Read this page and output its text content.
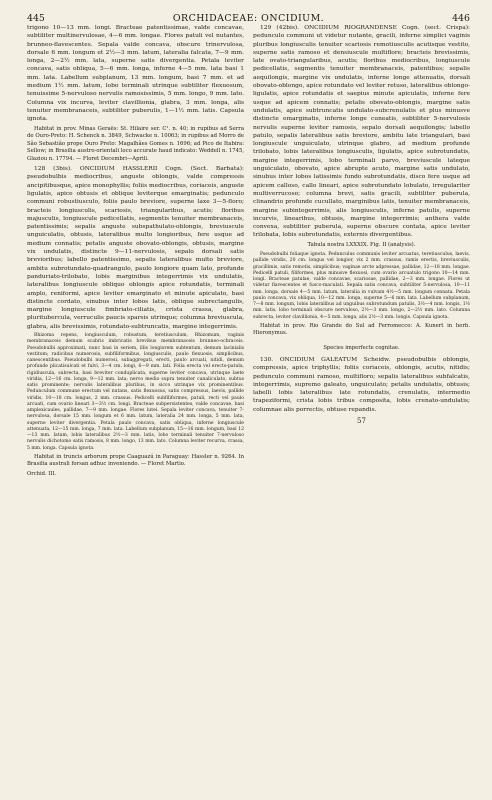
445	ORCHIDACEAE: ONCIDIUM.	446

trigono 10—13 mm. longi. Bracteae patentissimae, valde concavae, subtiliter multinervulosae, 4—6 mm. longae. Flores patuli vel nutantes, brunneo-flavescentes. Sepala valde concava, obscure trinervulosa, dorsale 6 mm. longum et 2½—3 mm. latum, lateralia falcata, 7—9 mm. longa, 2—2½ mm. lata, superne satis divergentia. Petala leviter concava, satis obliqua, 5—6 mm. longa, inferne 4—5 mm. lata basi 1 mm. lata. Labellum subplanum, 13 mm. longum, basi 7 mm. et ad medium 1½ mm. latum, lobo terminali utrinque subtiliter flexuosum, tenuissime 5-nervuloso nervulis ramosissimis, 5 mm. longo, 9 mm. lato. Columna vix incurva, leviter clavillionia, glabra, 3 mm. longa, alis tenuiter membranaceis, subtiliter puberulis, 1—1½ mm. latis. Capsula ignota.

Habitat in prov. Minas Geraës: St. Hilaire ser. C¹. n. 40; in rupibus ad Serra de Ouro-Preto: H. Schenck n. 3849, Schwacke n. 10063; in rupibus ad Morro de São Sebastião prope Ouro Preto: Magalhães Gomes n. 1696; ad Pico de Itabira: Sellow; in Brasilia austro-orientali loco accurate haud indicato: Weddell n. 1745, Glaziou n. 17794. — Floret Decembri—Aprili.

128 (3bis). ONCIDIUM HASSLERII Cogn. (Sect. Barbata): pseudobulbis mediocribus, anguste oblongis, valde compressis ancipitibusque, apice monophyllis; foliis mediocribus, coriaceis, anguste ligulatis, apice obtusis et oblique leviterque emarginatis; pedunculo communi robustiusculo, foliis paulo breviore, superne laxe 3—5-floro; bracteis longiusculis, scariosis, triangularibus, acutis; floribus majusculis, longiuscule pedicellatis, segmentis tenuiter membranaceis, patentissimis; sepalis anguste subspathulato-oblongis, breviuscule unguiculatis, obtusis, lateralibus multo longioribus, fere usque ad medium connatis; petalis anguste obovato-oblongis, obtusis, margine vix undulatis, distincte 9—11-nervulosis, sepalo dorsali satis brevioribus; labello patentissimo, sepalis lateralibus multo breviore, ambitu subrotundato-quadrangulo, paulo longiore quam lato, profunde panduriato-trilobato, lobis marginibus integerrimis vix undulatis, lateralibus longiuscule obliquo oblongis apice rotundatis, terminali amplo, reniformi, apice leviter emarginato et minute apiculato, basi distincte cordato, sinubus inter lobos latis, oblique subrectangulis, margine longiuscule fimbriato-ciliatis, crista crassa, glabra, pluritubercula, verruculis paucis sparsis utrinque; columna breviuscula, glabra, alis brevissimis, rotundato-subtruncatis, margine integerrimis.

Rhizoma repens, longiusculum, robustum, teretiusculum, Rhizomum, vaginis membranaceis demum scabris imbricatis brevibus membranaceis brunneo-ochraceis. Pseudobulbi approximati, nunc basi in seriem, illis longiorem subtentum, demum lacinialis vestitum; radicibus numerosis, subfiliformibus, longiusculis, paulo flexuosis, simplicibus, canescentibus. Pseudobulbi numerosi, subaggregati, erecti, paulo arcuati, nitidi, demum profunde plicatisulcati et fulvi, 3—4 cm. longi, 6—9 mm. lati. Folia erecta vel erecto-patula, rigidiuscula, subrecta, basi breviter conduplicata, superne leviter concava, utrinque laete viridia, 12—16 cm. longa, 9—12 mm. lata; nervo medio supra tenuiter canaliculato, subtus satis prominente; nervulis lateralibus pluribus, in sicco utrinque vix prominentibus. Pedunculum commune erectum vel nutans, satis flexuosus, satis compressus, laevis, pallide viridis, 10—18 cm. longus, 2 mm. crassus. Pedicelli subfiliformes, patuli, recti vel paulo arcuati, cum ovario lineari 3—3½ cm. longi. Bracteae subpersistentes, valde concavae, basi amplexicaules, pallidae, 7—9 mm. longae. Flores lutei. Sepala leviter concava, tenuiter 7-nervulosa, dorsale 15 mm. longum et 6 mm. latum, lateralia 24 mm. longa, 5 mm. lata, superne leviter divergentia. Petala paulo concava, satis obliqua, inferne longiuscule attenuata, 12—15 mm. longa, 7 mm. lata. Labellum subplanum, 15—16 mm. longum, basi 12—13 mm. latum, lobis lateralibus 2½—3 mm. latis, lobo terminali tenuiter 7-nervuloso nervulis dichotomo satis ramosis, 8 mm. longo, 13 mm. lato. Columna leviter recurva, crassa, 5 mm. longa. Capsula ignota.

Habitat in truncis arborum prope Caaguazú in Paraguay: Hassler n. 9264. In Brasilia australi forsan adhuc inveniendo. — Floret Martio.

Orchid. III.

129 (42bis). ONCIDIUM RIOGRANDENSE Cogn. (sect. Crispa): pedunculo communi ut videtur nutante, gracili, inferne simplici vaginis pluribus longiusculis tenuiter scariosis remotiusculis acutisque vestito, superne satis ramoso et densiuscule multiflore; bracteis brevissimis, late ovato-triangularibus, acutis; floribus mediocribus, longiuscule pedicellatis, segmentis tenuiter membranaceis, patentibus; sepalis aequilongis, margine vix undulatis, inferne longe attenuatis, dorsali obovato-oblongo, apice rotundato vel leviter retuso, lateralibus oblongo-ligulatis, apice rotundatis et saepius minute apiculatis, inferne fere usque ad apicem connatis; petalis obovato-oblongis, margine satis undulatis, apice subtruncatis undulato-subcrenulatis et plus minusve distincte emarginatis, inferne longe cuneatis, subtiliter 5-nervulosis nervulis superne leviter ramosis, sepalo dorsali aequilongis; labello patulo, sepalis lateralibus satis breviore, ambitu late triangulari, basi longiuscule unguiculato, utrinque glabro, ad medium profunde trilobato, lobis lateralibus longiusculis, ligulatis, apice subrotundatis, margine integerrimis, lobo terminali parvo, breviuscule lateque unguiculato, obovato, apice abrupte acuto, margine satis undulato, sinubus inter lobos latissimis fundo subrotundatis, disco fere usque ad apicem calloso, callo lineari, apice subrotundato lobulato, irregulariter multiverrucoso; columna brevi, satis gracili, subtiliter puberula, clinandrio profunde cucullato, marginibus latis, tenuiter membranaceis, margine subintegerrimis, alis longiusculis, inferne patulis, superne incurvis, linearibus, obtusis, margine integerrimis; anthera valde convexa, subtiliter puberula, superne obscure contata, apice leviter trilobata, lobis subrotundatis, externis divergentibus.

Tabula nostra LXXXIX. Fig. II (analysis).

Pseudobulbi foliaque ignota. Pedunculus communis leviter arcuatus, teretiusculus, laevis, pallide viridis, 20 cm. longus vel longior, vix 2 mm. crassus, ramis erectis, breviusculis, gracillimis, satis remotis, simplicibus; vaginae arcte adpressae, pallidae, 12—18 mm. longae. Pedicelli patuli, filiformes, plus minusve flexuosi, cum ovario arcuatulo trigono 10—14 mm. longi. Bracteae patulae, valde concavae, scariosae, pallidae, 2—3 mm. longae. Flores ut videtur flavescentes et fusco-maculati. Sepala satis concava, subtiliter 5-nervulosa, 10—11 mm. longa, dorsale 4—5 mm. latum, lateralia in vulvam 4½—5 mm. longum connata. Petala paulo concava, vix obliqua, 10—12 mm. longa, superne 5—6 mm. lata. Labellum subplanum, 7—8 mm. longum, lobis lateralibus ad unguibus subrotundum patulis, 3½—4 mm. longis, 1½ mm. latis, lobo terminali obscure nervuloso, 2½—3 mm. longo, 2—2½ mm. lato. Columna subrecta, leviter clavillionia, 4—5 mm. longa, alis 2½—3 mm. longis. Capsula ignota.

Habitat in prov. Rio Grande do Sul ad Ferromecco: A. Kunert in herb. Hieronymus.

Species imperfecte cognitae.

130. ONCIDIUM GALEATUM Scheidw. pseudobulbis oblongis, compressis, apice triphyllis; foliis coriaceis, oblongis, acutis, nitidis; pedunculo communi ramoso, multifloro; sepalis lateralibus subfalcatis, integerrimis, supremo galeato, unguiculato; petalis undulatis, obtusis; labelli lobis lateralibus late rotundatis, crenulatis, intermedio trapeziformi, crista lobis tribus composita, lobis crenato-undulatis; columnae alis porrectis, obtuse repandis.

57
